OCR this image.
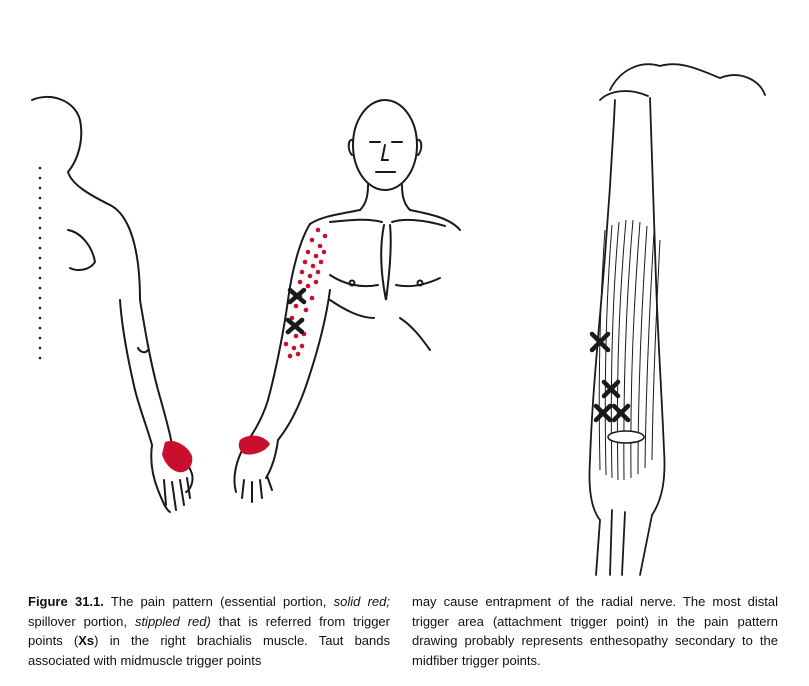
Figure 31.1. The pain pattern (essential portion, solid red; spillover portion, stippled red) that is referred from trigger points (Xs) in the right brachialis muscle. Taut bands associated with midmuscle trigger points
may cause entrapment of the radial nerve. The most distal trigger area (attachment trigger point) in the pain pattern drawing probably represents enthesopathy secondary to the midfiber trigger points.
